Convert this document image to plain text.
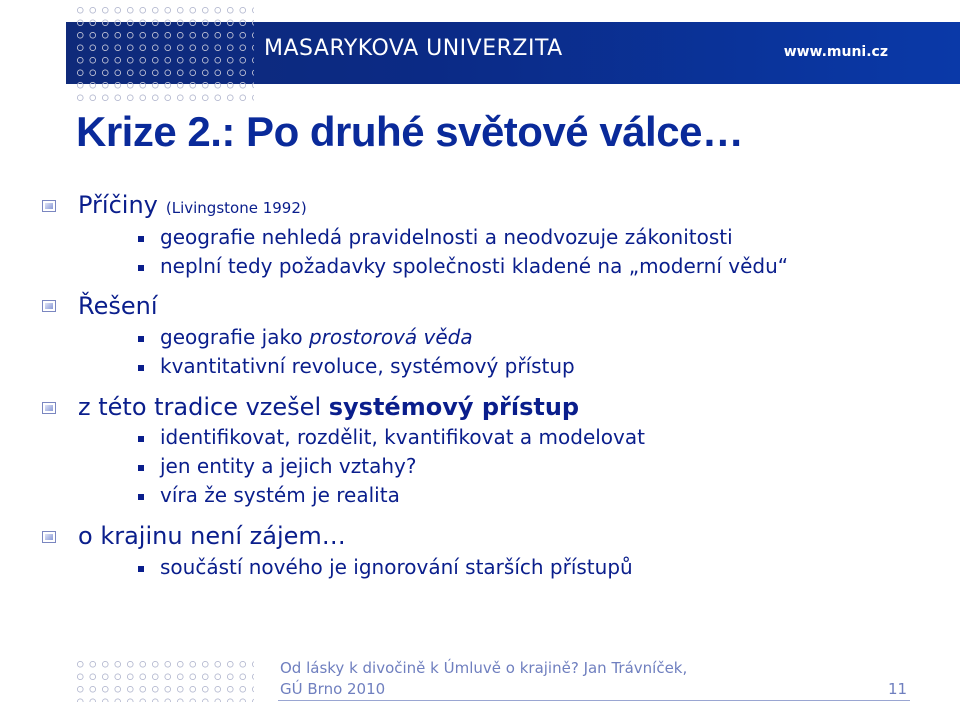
MASARYKOVA UNIVERZITA	www.muni.cz
Krize 2.: Po druhé světové válce…
Příčiny (Livingstone 1992)
geografie nehledá pravidelnosti a neodvozuje zákonitosti
neplní tedy požadavky společnosti kladené na „moderní vědu“
Řešení
geografie jako prostorová věda
kvantitativní revoluce, systémový přístup
z této tradice vzešel systémový přístup
identifikovat, rozdělit, kvantifikovat a modelovat
jen entity a jejich vztahy?
víra že systém je realita
o krajinu není zájem…
součástí nového je ignorování starších přístupů
Od lásky k divočině k Úmluvě o krajině? Jan Trávníček,
GÚ Brno 2010	11
